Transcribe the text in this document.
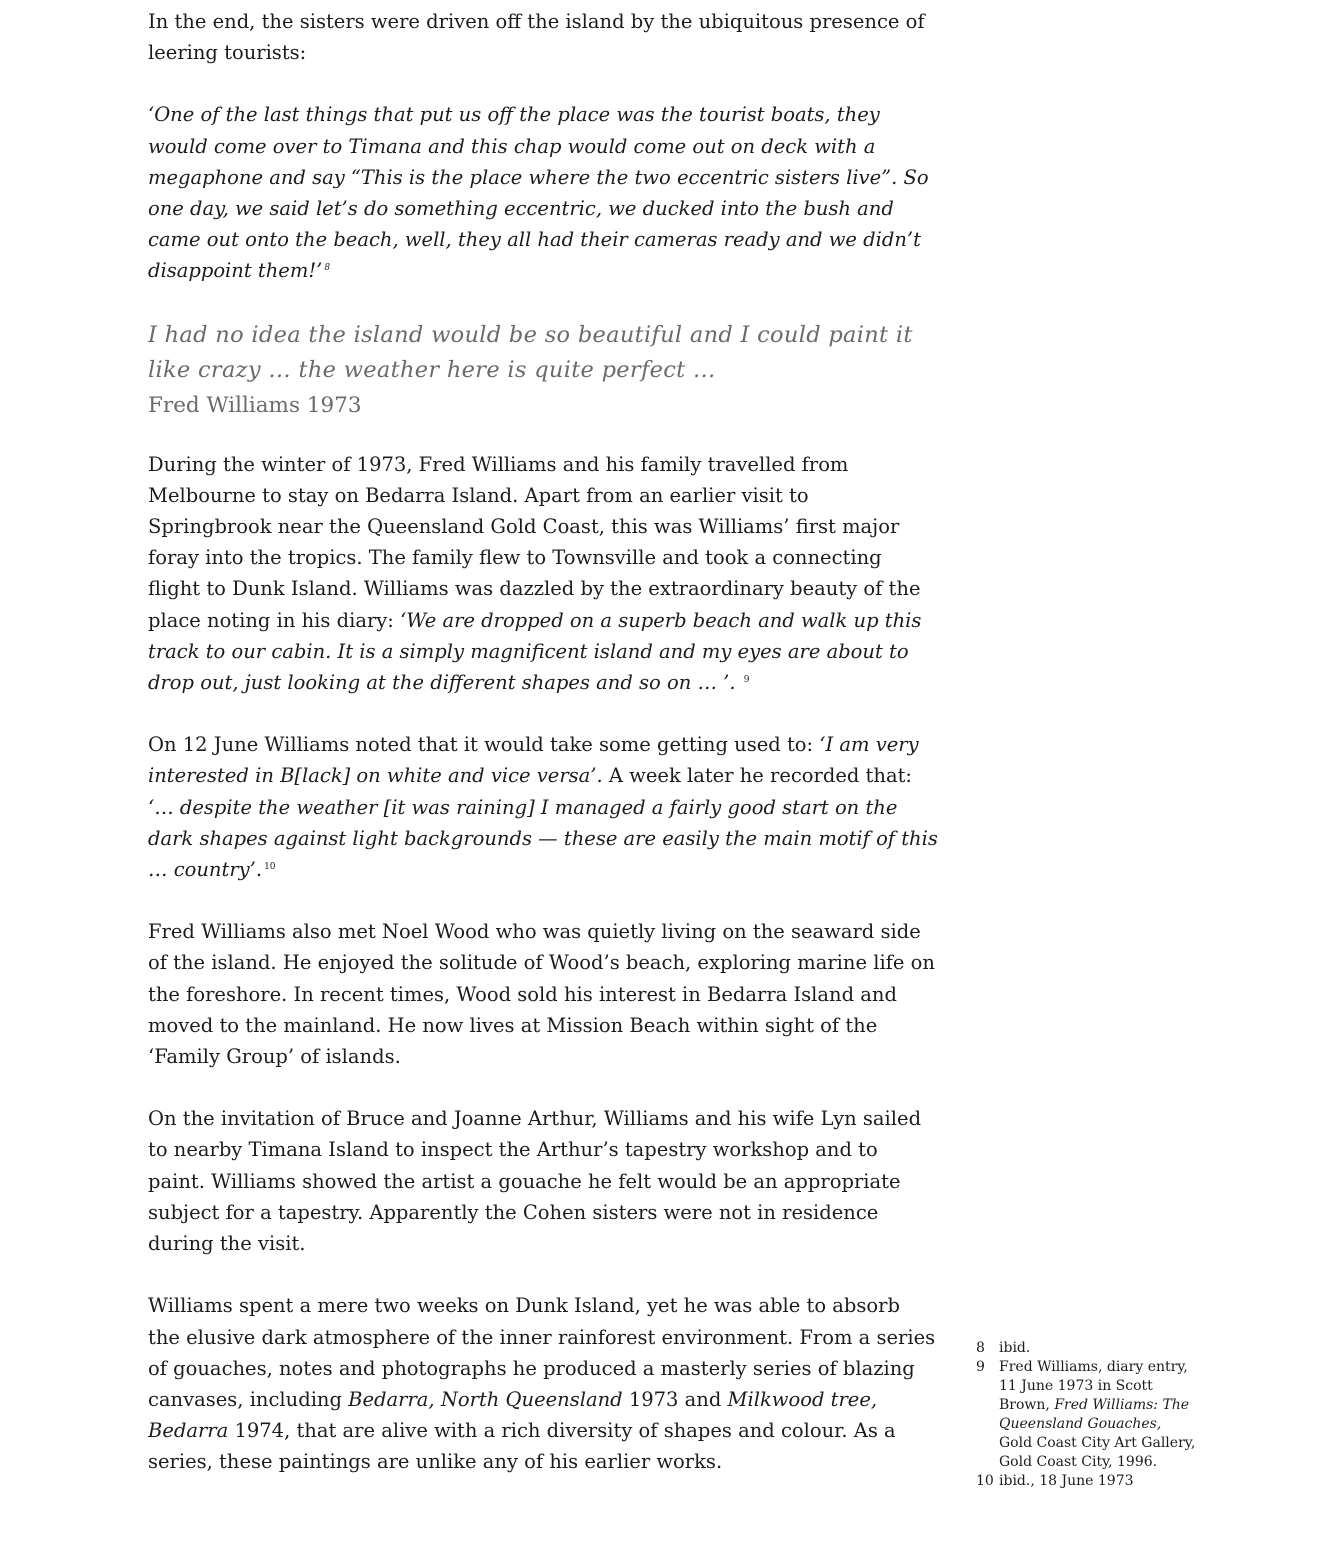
In the end, the sisters were driven off the island by the ubiquitous presence of leering tourists:

‘One of the last things that put us off the place was the tourist boats, they would come over to Timana and this chap would come out on deck with a megaphone and say “This is the place where the two eccentric sisters live”. So one day, we said let’s do something eccentric, we ducked into the bush and came out onto the beach, well, they all had their cameras ready and we didn’t disappoint them!’ $^8$

I had no idea the island would be so beautiful and I could paint it like crazy … the weather here is quite perfect …

Fred Williams 1973

During the winter of 1973, Fred Williams and his family travelled from Melbourne to stay on Bedarra Island. Apart from an earlier visit to Springbrook near the Queensland Gold Coast, this was Williams’ first major foray into the tropics. The family flew to Townsville and took a connecting flight to Dunk Island. Williams was dazzled by the extraordinary beauty of the place noting in his diary: ‘We are dropped on a superb beach and walk up this track to our cabin. It is a simply magnificent island and my eyes are about to drop out, just looking at the different shapes and so on … ’. $^9$

On 12 June Williams noted that it would take some getting used to: ‘I am very interested in B[lack] on white and vice versa’. A week later he recorded that: ‘… despite the weather [it was raining] I managed a fairly good start on the dark shapes against light backgrounds — these are easily the main motif of this … country’. $^{10}$

Fred Williams also met Noel Wood who was quietly living on the seaward side of the island. He enjoyed the solitude of Wood’s beach, exploring marine life on the foreshore. In recent times, Wood sold his interest in Bedarra Island and moved to the mainland. He now lives at Mission Beach within sight of the ‘Family Group’ of islands.

On the invitation of Bruce and Joanne Arthur, Williams and his wife Lyn sailed to nearby Timana Island to inspect the Arthur’s tapestry workshop and to paint. Williams showed the artist a gouache he felt would be an appropriate subject for a tapestry. Apparently the Cohen sisters were not in residence during the visit.

Williams spent a mere two weeks on Dunk Island, yet he was able to absorb the elusive dark atmosphere of the inner rainforest environment. From a series of gouaches, notes and photographs he produced a masterly series of blazing canvases, including Bedarra, North Queensland 1973 and Milkwood tree, Bedarra 1974, that are alive with a rich diversity of shapes and colour. As a series, these paintings are unlike any of his earlier works.

8	ibid.
9	Fred Williams, diary entry, 11 June 1973 in Scott Brown, Fred Williams: The Queensland Gouaches, Gold Coast City Art Gallery, Gold Coast City, 1996.
10 ibid., 18 June 1973
